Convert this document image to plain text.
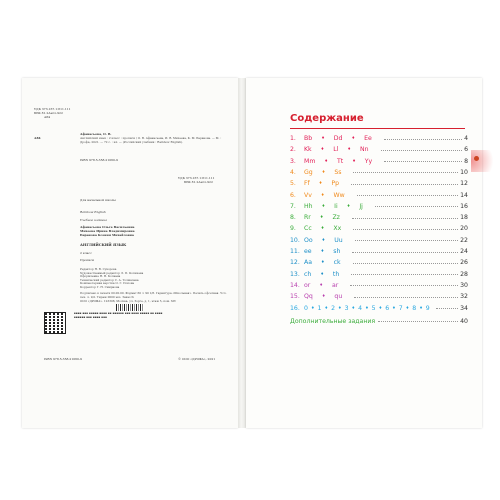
УДК 373.167.1:811.111
ББК 81.2Англ-922
А84
А84
Афанасьева, О. В.
Английский язык : 2 класс : прописи / О. В. Афанасьева, И. В. Михеева, К. М. Баранова. — М. : Дрофа, 2021. — 72 с. : ил. — (Российский учебник : Rainbow English).
ISBN 978-5-358-21060-9
УДК 373.167.1:811.111
ББК 81.2Англ-922
Для начальной школы
Rainbow English
Учебное издание
Афанасьева Ольга Васильевна
Михеева Ирина Владимировна
Баранова Ксения Михайловна
АНГЛИЙСКИЙ ЯЗЫК
2 класс
Прописи
Редактор Н. В. Суворова
Художественный редактор Л. П. Копачева
Оформление Н. В. Кочнева
Технический редактор С. А. Толмачева
Компьютерная верстка О. Г. Попова
Корректор Г. Н. Смирнова
Подписано к печати 00.00.00. Формат 60 × 90 1/8. Гарнитура «Школьная». Печать офсетная. Усл. печ. л. 9,0. Тираж 0000 экз. Заказ №
ООО «ДРОФА». 123308, Москва, ул. Зорге, д. 1, этаж 5, пом. XIV
▪▪▪▪ ▪▪▪ ▪▪▪▪▪ ▪▪▪▪ ▪▪ ▪▪▪▪▪▪ ▪▪▪ ▪▪▪▪ ▪▪▪▪▪ ▪▪ ▪▪▪▪ ▪▪▪▪▪▪ ▪▪▪ ▪▪▪▪ ▪▪▪
ISBN 978-5-358-21060-9	© ООО «ДРОФА», 2021
Содержание
1.	Bb ♦ Dd ♦ Ee	4
2.	Kk ♦ Ll ♦ Nn	6
3.	Mm ♦ Tt ♦ Yy	8
4.	Gg ♦ Ss	10
5.	Ff ♦ Pp	12
6.	Vv ♦ Ww	14
7.	Hh ♦ Ii ♦ Jj	16
8.	Rr ♦ Zz	18
9.	Cc ♦ Xx	20
10. Oo ♦ Uu	22
11. ee ♦ sh	24
12. Aa ♦ ck	26
13. ch ♦ th	28
14. or ♦ ar	30
15. Qq ♦ qu	32
16. 0 ♦ 1 ♦ 2 ♦ 3 ♦ 4 ♦ 5 ♦ 6 ♦ 7 ♦ 8 ♦ 9	34
Дополнительные задания	40
